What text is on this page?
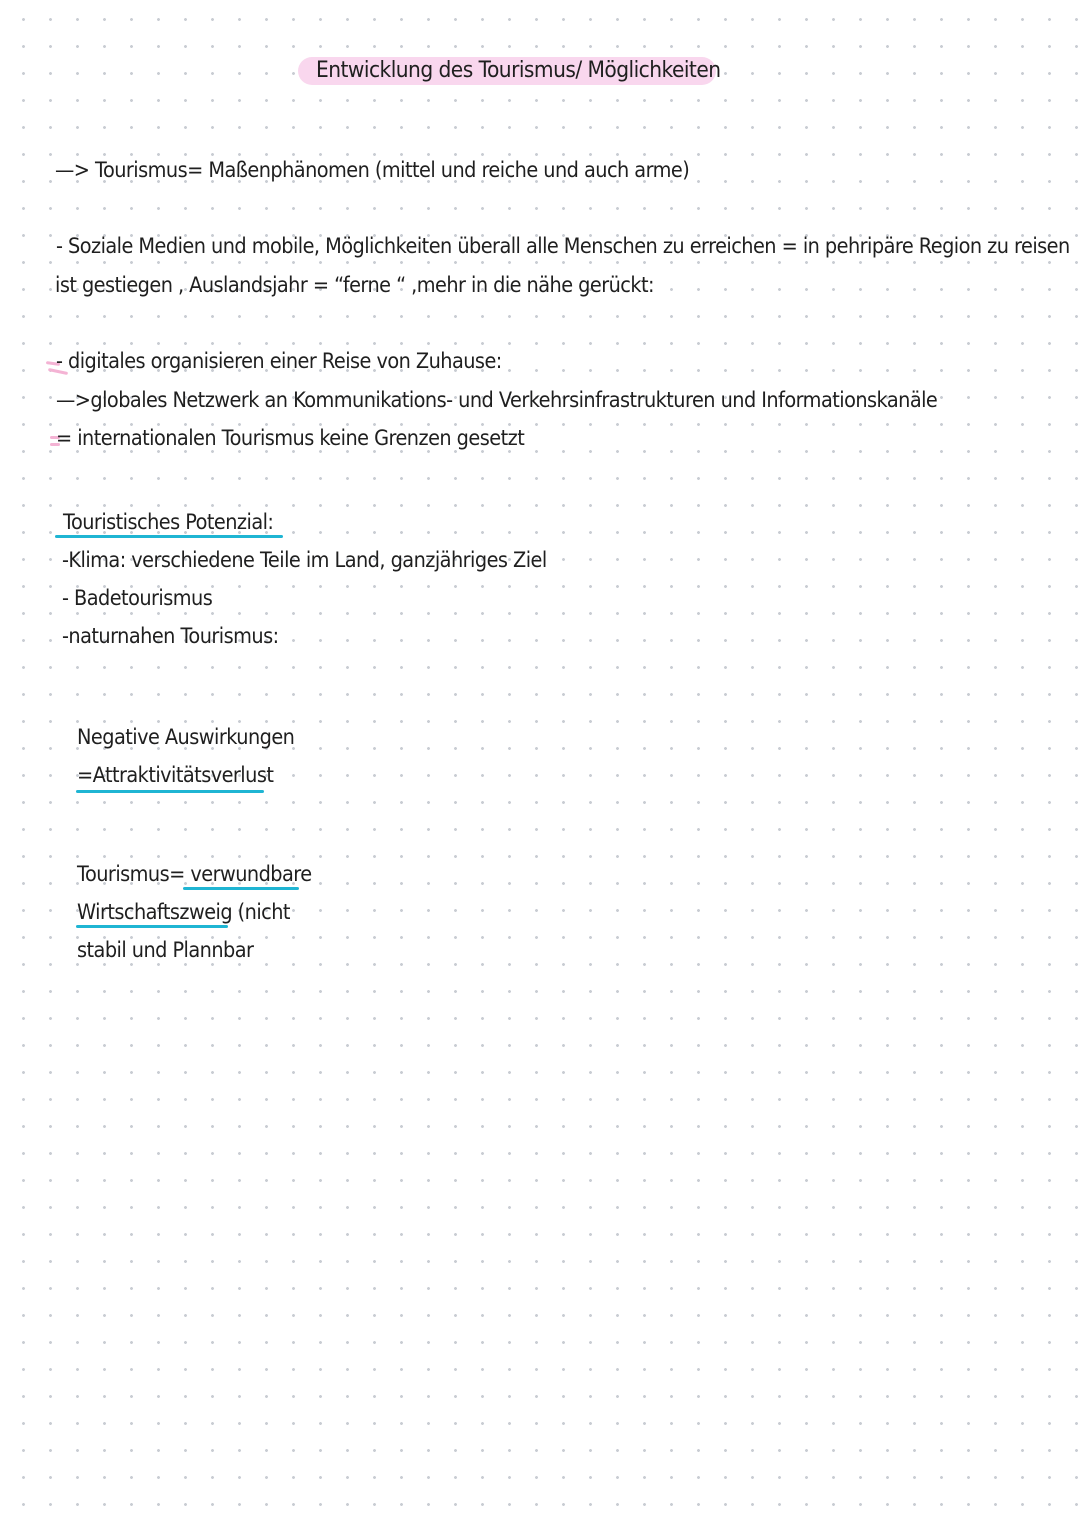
Entwicklung des Tourismus/ Möglichkeiten
—> Tourismus= Maßenphänomen (mittel und reiche und auch arme)
- Soziale Medien und mobile, Möglichkeiten überall alle Menschen zu erreichen = in pehripäre Region zu reisen
ist gestiegen , Auslandsjahr = “ferne “ ,mehr in die nähe gerückt:
- digitales organisieren einer Reise von Zuhause:
—>globales Netzwerk an Kommunikations- und Verkehrsinfrastrukturen und Informationskanäle
= internationalen Tourismus keine Grenzen gesetzt
Touristisches Potenzial:
-Klima: verschiedene Teile im Land, ganzjähriges Ziel
- Badetourismus
-naturnahen Tourismus:
Negative Auswirkungen
=Attraktivitätsverlust
Tourismus= verwundbare
Wirtschaftszweig (nicht
stabil und Plannbar
